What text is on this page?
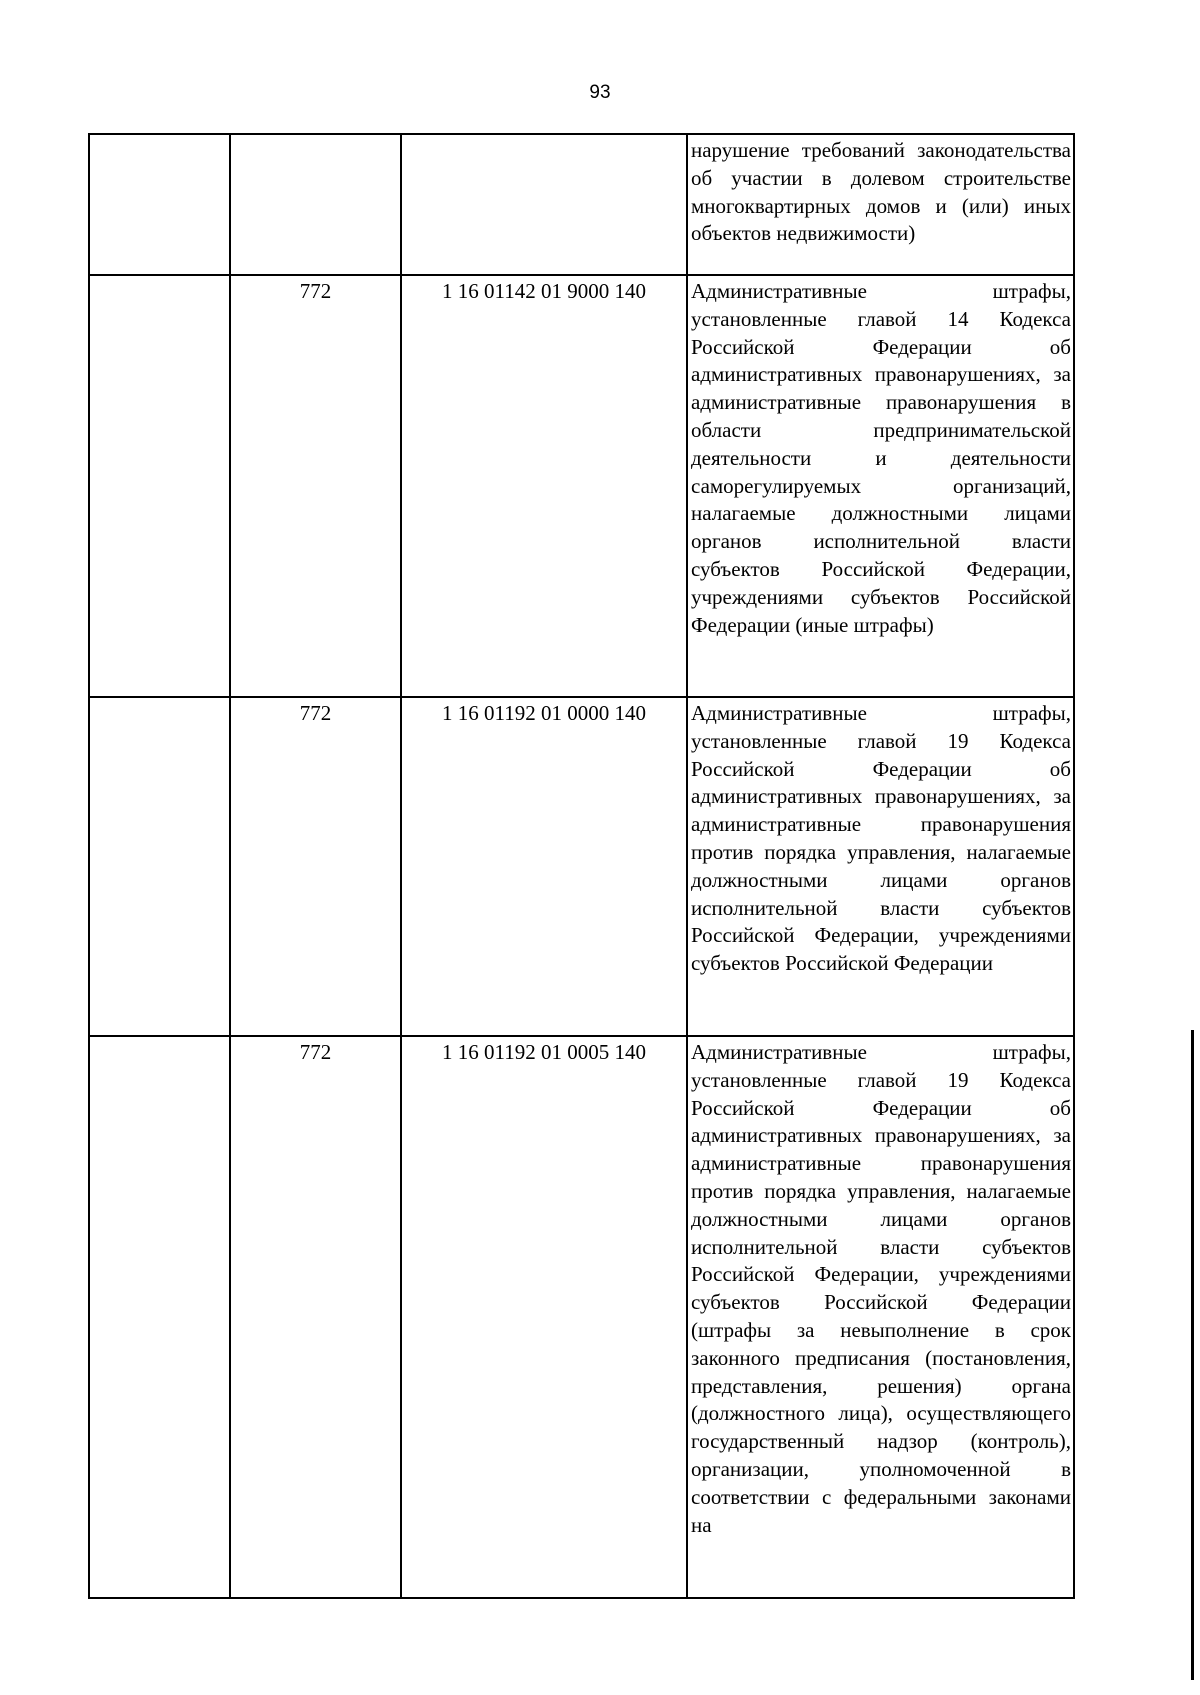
93

			нарушение требований законодательства об участии в долевом строительстве многоквартирных домов и (или) иных объектов недвижимости)

	772	1 16 01142 01 9000 140	Административные штрафы, установленные главой 14 Кодекса Российской Федерации об административных правонарушениях, за административные правонарушения в области предпринимательской деятельности и деятельности саморегулируемых организаций, налагаемые должностными лицами органов исполнительной власти субъектов Российской Федерации, учреждениями субъектов Российской Федерации (иные штрафы)

	772	1 16 01192 01 0000 140	Административные штрафы, установленные главой 19 Кодекса Российской Федерации об административных правонарушениях, за административные правонарушения против порядка управления, налагаемые должностными лицами органов исполнительной власти субъектов Российской Федерации, учреждениями субъектов Российской Федерации

	772	1 16 01192 01 0005 140	Административные штрафы, установленные главой 19 Кодекса Российской Федерации об административных правонарушениях, за административные правонарушения против порядка управления, налагаемые должностными лицами органов исполнительной власти субъектов Российской Федерации, учреждениями субъектов Российской Федерации (штрафы за невыполнение в срок законного предписания (постановления, представления, решения) органа (должностного лица), осуществляющего государственный надзор (контроль), организации, уполномоченной в соответствии с федеральными законами на
